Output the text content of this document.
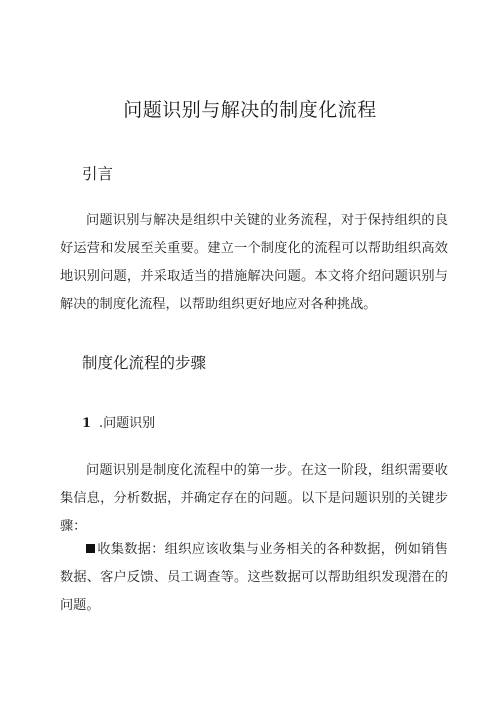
问题识别与解决的制度化流程
引言

问题识别与解决是组织中关键的业务流程，对于保持组织的良好运营和发展至关重要。建立一个制度化的流程可以帮助组织高效地识别问题，并采取适当的措施解决问题。本文将介绍问题识别与解决的制度化流程，以帮助组织更好地应对各种挑战。

制度化流程的步骤
1 .问题识别

问题识别是制度化流程中的第一步。在这一阶段，组织需要收集信息，分析数据，并确定存在的问题。以下是问题识别的关键步骤：

收集数据：组织应该收集与业务相关的各种数据，例如销售数据、客户反馈、员工调查等。这些数据可以帮助组织发现潜在的问题。
